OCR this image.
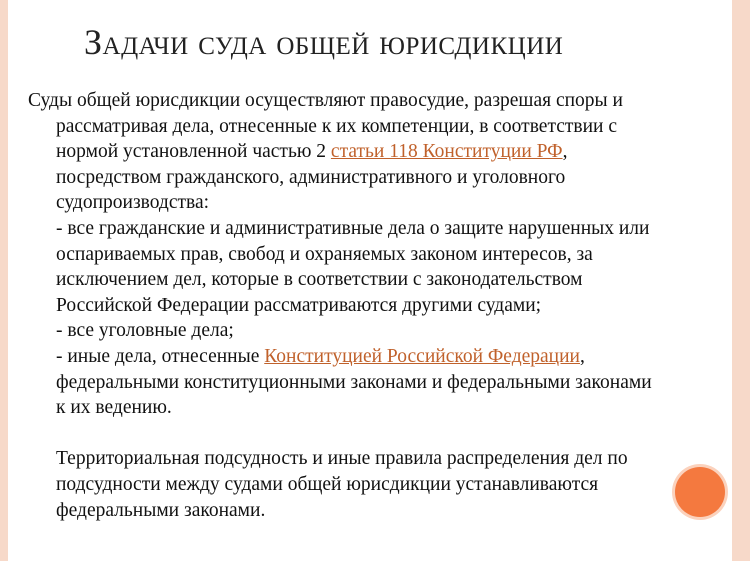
Задачи суда общей юрисдикции
Суды общей юрисдикции осуществляют правосудие, разрешая споры и
рассматривая дела, отнесенные к их компетенции, в соответствии с
нормой установленной частью 2 статьи 118 Конституции РФ,
посредством гражданского, административного и уголовного
судопроизводства:
- все гражданские и административные дела о защите нарушенных или
оспариваемых прав, свобод и охраняемых законом интересов, за
исключением дел, которые в соответствии с законодательством
Российской Федерации рассматриваются другими судами;
- все уголовные дела;
- иные дела, отнесенные Конституцией Российской Федерации,
федеральными конституционными законами и федеральными законами
к их ведению.
Территориальная подсудность и иные правила распределения дел по
подсудности между судами общей юрисдикции устанавливаются
федеральными законами.
